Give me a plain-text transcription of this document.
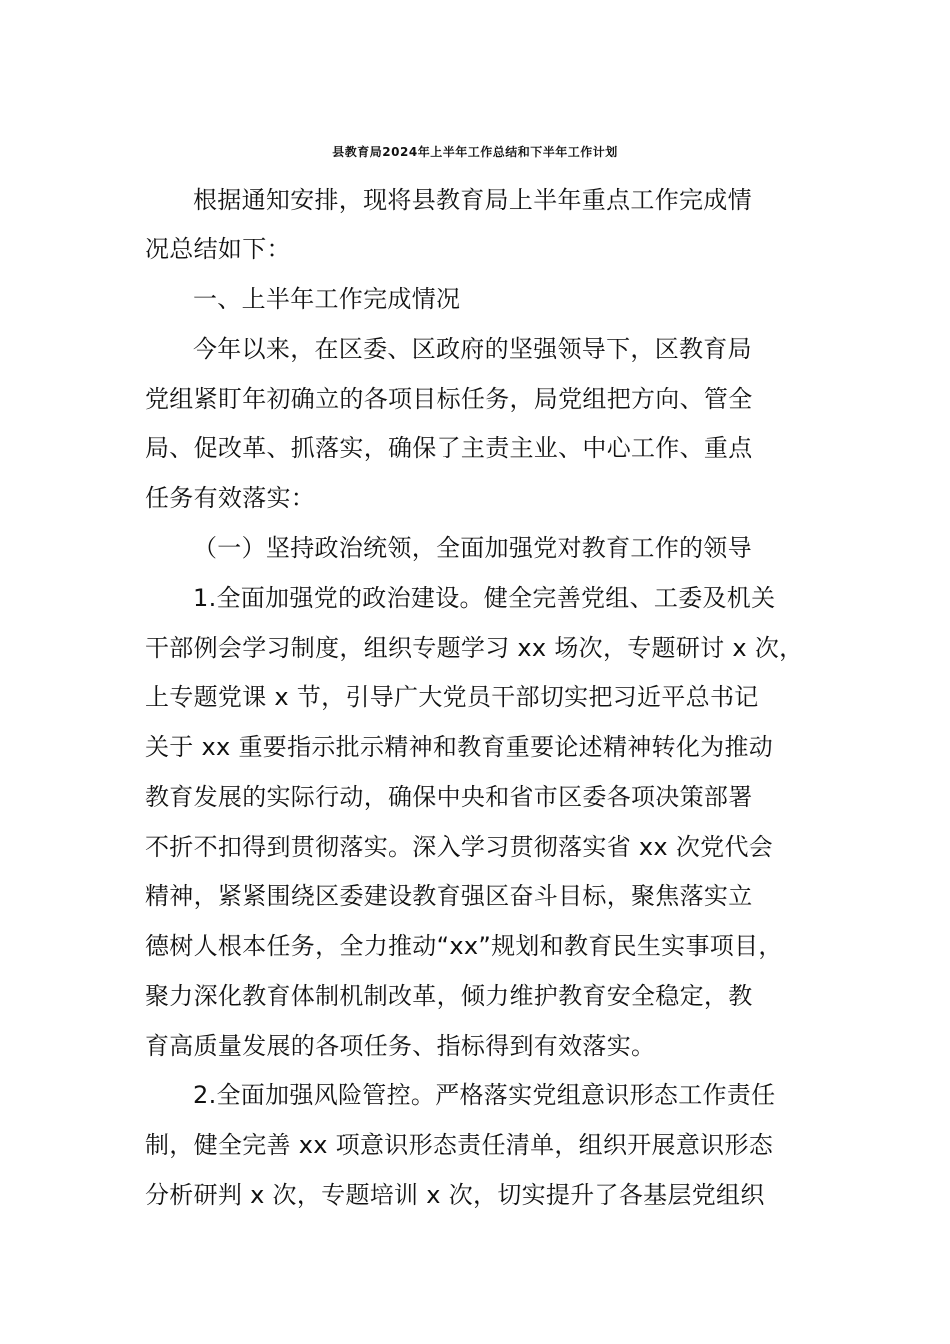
县教育局2024年上半年工作总结和下半年工作计划
根据通知安排，现将县教育局上半年重点工作完成情
况总结如下：
一、上半年工作完成情况
今年以来，在区委、区政府的坚强领导下，区教育局
党组紧盯年初确立的各项目标任务，局党组把方向、管全
局、促改革、抓落实，确保了主责主业、中心工作、重点
任务有效落实：
（一）坚持政治统领，全面加强党对教育工作的领导
1.全面加强党的政治建设。健全完善党组、工委及机关
干部例会学习制度，组织专题学习 xx 场次，专题研讨 x 次，
上专题党课 x 节，引导广大党员干部切实把习近平总书记
关于 xx 重要指示批示精神和教育重要论述精神转化为推动
教育发展的实际行动，确保中央和省市区委各项决策部署
不折不扣得到贯彻落实。深入学习贯彻落实省 xx 次党代会
精神，紧紧围绕区委建设教育强区奋斗目标，聚焦落实立
德树人根本任务，全力推动“xx”规划和教育民生实事项目，
聚力深化教育体制机制改革，倾力维护教育安全稳定，教
育高质量发展的各项任务、指标得到有效落实。
2.全面加强风险管控。严格落实党组意识形态工作责任
制，健全完善 xx 项意识形态责任清单，组织开展意识形态
分析研判 x 次，专题培训 x 次，切实提升了各基层党组织
